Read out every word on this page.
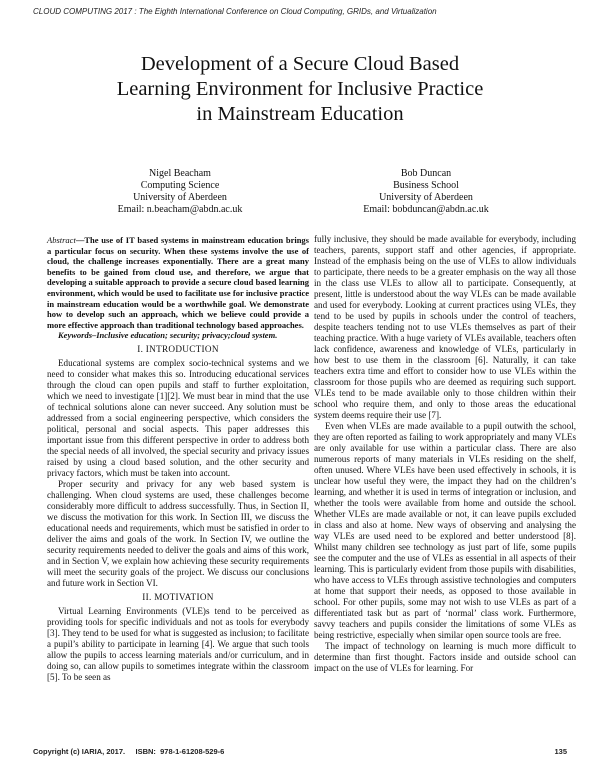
CLOUD COMPUTING 2017 : The Eighth International Conference on Cloud Computing, GRIDs, and Virtualization
Development of a Secure Cloud Based
Learning Environment for Inclusive Practice
in Mainstream Education
Nigel Beacham
Computing Science
University of Aberdeen
Email: n.beacham@abdn.ac.uk
Bob Duncan
Business School
University of Aberdeen
Email: bobduncan@abdn.ac.uk

Abstract—The use of IT based systems in mainstream education brings a particular focus on security. When these systems involve the use of cloud, the challenge increases exponentially. There are a great many benefits to be gained from cloud use, and therefore, we argue that developing a suitable approach to provide a secure cloud based learning environment, which would be used to facilitate use for inclusive practice in mainstream education would be a worthwhile goal. We demonstrate how to develop such an approach, which we believe could provide a more effective approach than traditional technology based approaches.

Keywords–Inclusive education; security; privacy;cloud system.

I. INTRODUCTION

Educational systems are complex socio-technical systems and we need to consider what makes this so. Introducing educational services through the cloud can open pupils and staff to further exploitation, which we need to investigate [1][2]. We must bear in mind that the use of technical solutions alone can never succeed. Any solution must be addressed from a social engineering perspective, which considers the political, personal and social aspects. This paper addresses this important issue from this different perspective in order to address both the special needs of all involved, the special security and privacy issues raised by using a cloud based solution, and the other security and privacy factors, which must be taken into account.

Proper security and privacy for any web based system is challenging. When cloud systems are used, these challenges become considerably more difficult to address successfully. Thus, in Section II, we discuss the motivation for this work. In Section III, we discuss the educational needs and requirements, which must be satisfied in order to deliver the aims and goals of the work. In Section IV, we outline the security requirements needed to deliver the goals and aims of this work, and in Section V, we explain how achieving these security requirements will meet the security goals of the project. We discuss our conclusions and future work in Section VI.

II. MOTIVATION

Virtual Learning Environments (VLE)s tend to be perceived as providing tools for specific individuals and not as tools for everybody [3]. They tend to be used for what is suggested as inclusion; to facilitate a pupil’s ability to participate in learning [4]. We argue that such tools allow the pupils to access learning materials and/or curriculum, and in doing so, can allow pupils to sometimes integrate within the classroom [5]. To be seen as

fully inclusive, they should be made available for everybody, including teachers, parents, support staff and other agencies, if appropriate. Instead of the emphasis being on the use of VLEs to allow individuals to participate, there needs to be a greater emphasis on the way all those in the class use VLEs to allow all to participate. Consequently, at present, little is understood about the way VLEs can be made available and used for everybody. Looking at current practices using VLEs, they tend to be used by pupils in schools under the control of teachers, despite teachers tending not to use VLEs themselves as part of their teaching practice. With a huge variety of VLEs available, teachers often lack confidence, awareness and knowledge of VLEs, particularly in how best to use them in the classroom [6]. Naturally, it can take teachers extra time and effort to consider how to use VLEs within the classroom for those pupils who are deemed as requiring such support. VLEs tend to be made available only to those children within their school who require them, and only to those areas the educational system deems require their use [7].

Even when VLEs are made available to a pupil outwith the school, they are often reported as failing to work appropriately and many VLEs are only available for use within a particular class. There are also numerous reports of many materials in VLEs residing on the shelf, often unused. Where VLEs have been used effectively in schools, it is unclear how useful they were, the impact they had on the children’s learning, and whether it is used in terms of integration or inclusion, and whether the tools were available from home and outside the school. Whether VLEs are made available or not, it can leave pupils excluded in class and also at home. New ways of observing and analysing the way VLEs are used need to be explored and better understood [8]. Whilst many children see technology as just part of life, some pupils see the computer and the use of VLEs as essential in all aspects of their learning. This is particularly evident from those pupils with disabilities, who have access to VLEs through assistive technologies and computers at home that support their needs, as opposed to those available in school. For other pupils, some may not wish to use VLEs as part of a differentiated task but as part of ‘normal’ class work. Furthermore, savvy teachers and pupils consider the limitations of some VLEs as being restrictive, especially when similar open source tools are free.

The impact of technology on learning is much more difficult to determine than first thought. Factors inside and outside school can impact on the use of VLEs for learning. For

Copyright (c) IARIA, 2017.     ISBN:  978-1-61208-529-6	135
